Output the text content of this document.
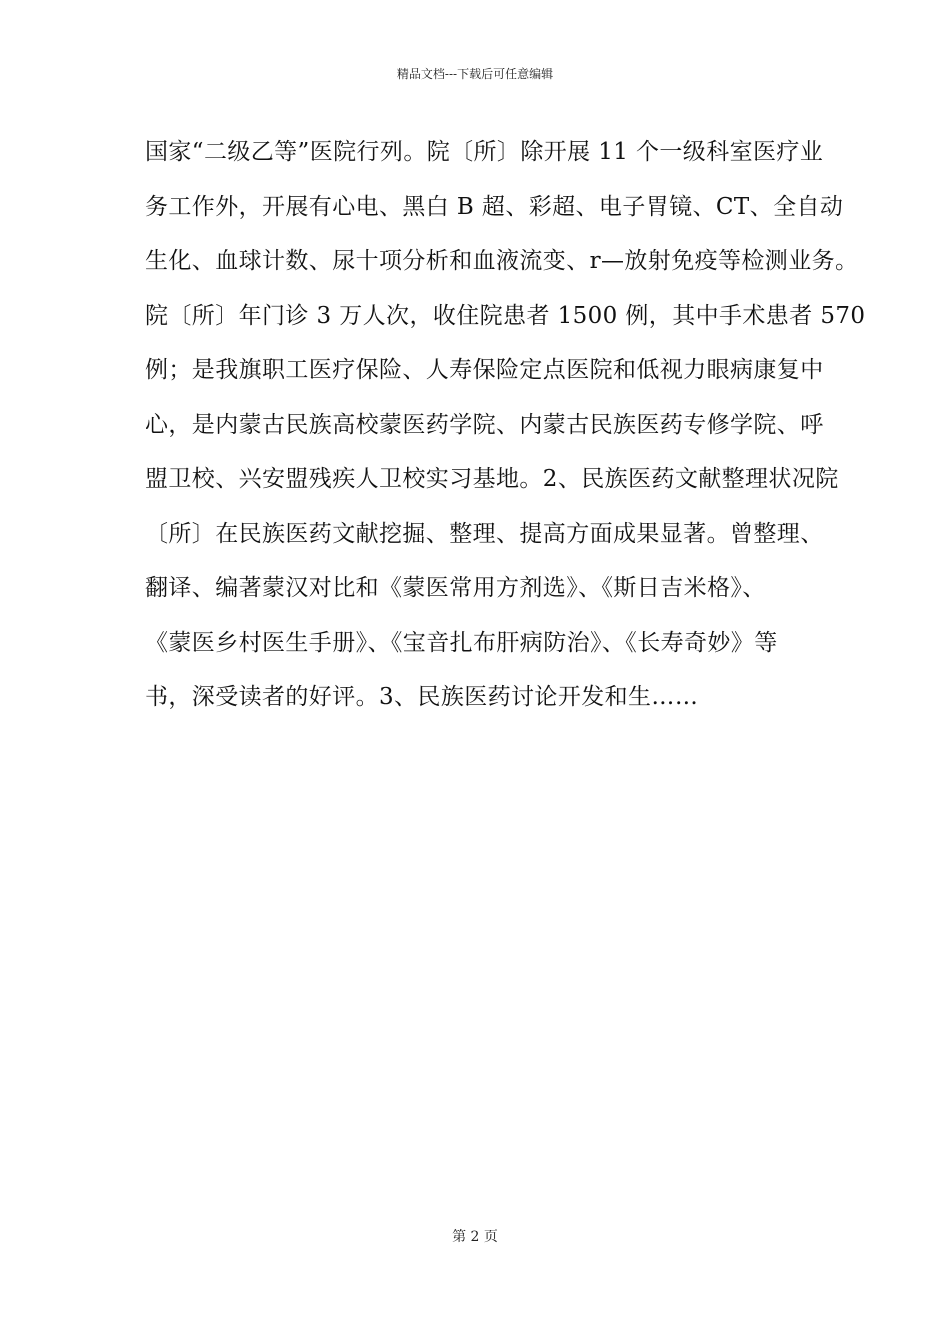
精品文档---下载后可任意编辑
国家“二级乙等”医院行列。院〔所〕除开展 11 个一级科室医疗业
务工作外，开展有心电、黑白 B 超、彩超、电子胃镜、CT、全自动
生化、血球计数、尿十项分析和血液流变、r—放射免疫等检测业务。
院〔所〕年门诊 3 万人次，收住院患者 1500 例，其中手术患者 570
例；是我旗职工医疗保险、人寿保险定点医院和低视力眼病康复中
心，是内蒙古民族高校蒙医药学院、内蒙古民族医药专修学院、呼
盟卫校、兴安盟残疾人卫校实习基地。2、民族医药文献整理状况院
〔所〕在民族医药文献挖掘、整理、提高方面成果显著。曾整理、
翻译、编著蒙汉对比和《蒙医常用方剂选》、《斯日吉米格》、
《蒙医乡村医生手册》、《宝音扎布肝病防治》、《长寿奇妙》等
书，深受读者的好评。3、民族医药讨论开发和生……
第 2 页
